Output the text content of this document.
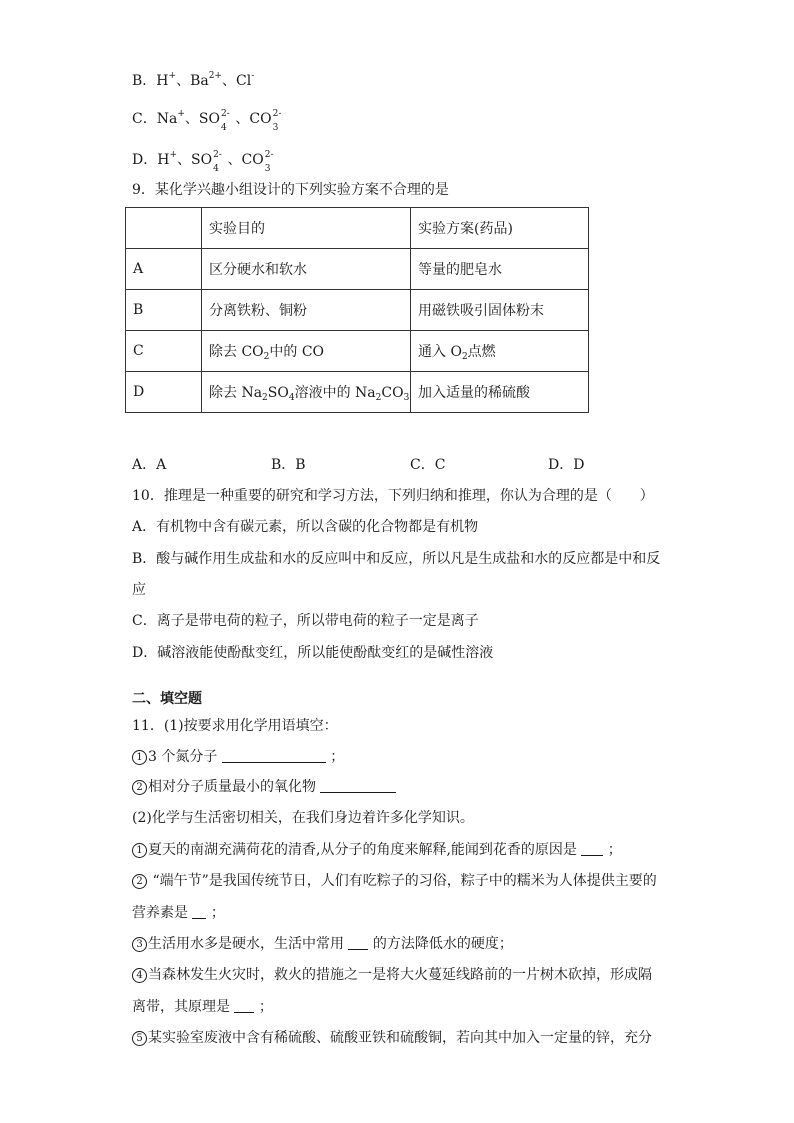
B．H+、$Ba^{2+}$、Cl-
C．Na+、SO 2-
4
、CO 2-
3
D．H+、SO 2-
4
、CO 2-
3
9．某化学兴趣小组设计的下列实验方案不合理的是
	实验目的	实验方案(药品)
A	区分硬水和软水	等量的肥皂水
B	分离铁粉、铜粉	用磁铁吸引固体粉末
C	除去 $CO_2$中的 CO	通入 $O_2$点燃
D	除去 $Na_2SO_4$溶液中的 $Na_2CO_3$	加入适量的稀硫酸
A．A	B．B	C．C	D．D
10．推理是一种重要的研究和学习方法，下列归纳和推理，你认为合理的是（　　）
A．有机物中含有碳元素，所以含碳的化合物都是有机物
B．酸与碱作用生成盐和水的反应叫中和反应，所以凡是生成盐和水的反应都是中和反
应
C．离子是带电荷的粒子，所以带电荷的粒子一定是离子
D．碱溶液能使酚酞变红，所以能使酚酞变红的是碱性溶液
二、填空题
11．(1)按要求用化学用语填空：
1 3 个氮分子	；
2 相对分子质量最小的氧化物
(2)化学与生活密切相关，在我们身边着许多化学知识。
1 夏天的南湖充满荷花的清香,从分子的角度来解释,能闻到花香的原因是  ；
2 “端午节”是我国传统节日，人们有吃粽子的习俗，粽子中的糯米为人体提供主要的
营养素是  ；
3 生活用水多是硬水，生活中常用  的方法降低水的硬度；
4 当森林发生火灾时，救火的措施之一是将大火蔓延线路前的一片树木砍掉，形成隔
离带，其原理是  ；
5 某实验室废液中含有稀硫酸、硫酸亚铁和硫酸铜，若向其中加入一定量的锌，充分
